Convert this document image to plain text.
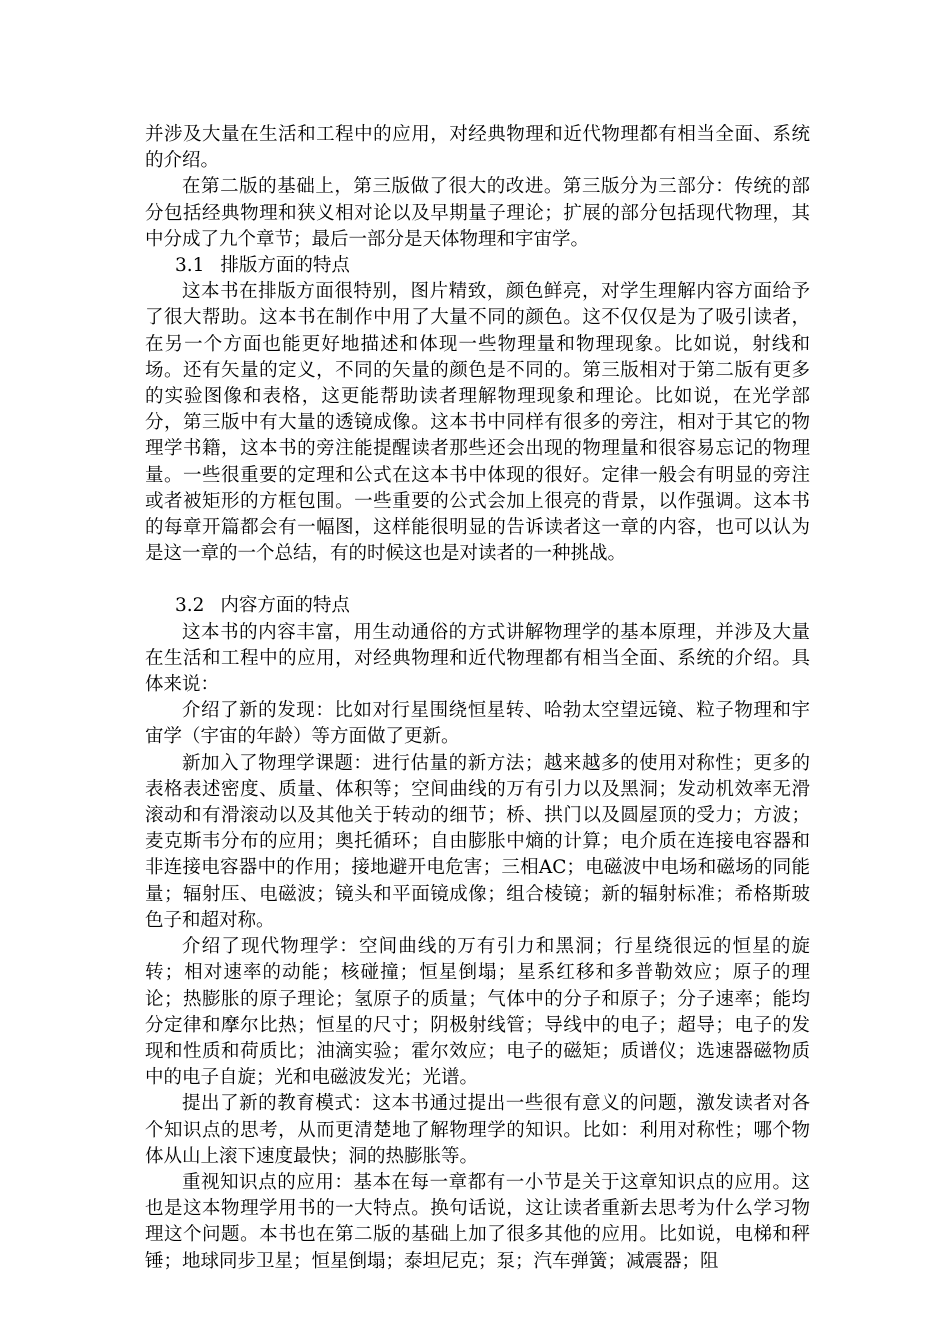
并涉及大量在生活和工程中的应用，对经典物理和近代物理都有相当全面、系统的介绍。

在第二版的基础上，第三版做了很大的改进。第三版分为三部分：传统的部分包括经典物理和狭义相对论以及早期量子理论；扩展的部分包括现代物理，其中分成了九个章节；最后一部分是天体物理和宇宙学。

3.1 排版方面的特点

这本书在排版方面很特别，图片精致，颜色鲜亮，对学生理解内容方面给予了很大帮助。这本书在制作中用了大量不同的颜色。这不仅仅是为了吸引读者，在另一个方面也能更好地描述和体现一些物理量和物理现象。比如说，射线和场。还有矢量的定义，不同的矢量的颜色是不同的。第三版相对于第二版有更多的实验图像和表格，这更能帮助读者理解物理现象和理论。比如说，在光学部分，第三版中有大量的透镜成像。这本书中同样有很多的旁注，相对于其它的物理学书籍，这本书的旁注能提醒读者那些还会出现的物理量和很容易忘记的物理量。一些很重要的定理和公式在这本书中体现的很好。定律一般会有明显的旁注或者被矩形的方框包围。一些重要的公式会加上很亮的背景，以作强调。这本书的每章开篇都会有一幅图，这样能很明显的告诉读者这一章的内容，也可以认为是这一章的一个总结，有的时候这也是对读者的一种挑战。

3.2 内容方面的特点

这本书的内容丰富，用生动通俗的方式讲解物理学的基本原理，并涉及大量在生活和工程中的应用，对经典物理和近代物理都有相当全面、系统的介绍。具体来说：

介绍了新的发现：比如对行星围绕恒星转、哈勃太空望远镜、粒子物理和宇宙学（宇宙的年龄）等方面做了更新。

新加入了物理学课题：进行估量的新方法；越来越多的使用对称性；更多的表格表述密度、质量、体积等；空间曲线的万有引力以及黑洞；发动机效率无滑滚动和有滑滚动以及其他关于转动的细节；桥、拱门以及圆屋顶的受力；方波；麦克斯韦分布的应用；奥托循环；自由膨胀中熵的计算；电介质在连接电容器和非连接电容器中的作用；接地避开电危害；三相AC；电磁波中电场和磁场的同能量；辐射压、电磁波；镜头和平面镜成像；组合棱镜；新的辐射标准；希格斯玻色子和超对称。

介绍了现代物理学：空间曲线的万有引力和黑洞；行星绕很远的恒星的旋转；相对速率的动能；核碰撞；恒星倒塌；星系红移和多普勒效应；原子的理论；热膨胀的原子理论；氢原子的质量；气体中的分子和原子；分子速率；能均分定律和摩尔比热；恒星的尺寸；阴极射线管；导线中的电子；超导；电子的发现和性质和荷质比；油滴实验；霍尔效应；电子的磁矩；质谱仪；选速器磁物质中的电子自旋；光和电磁波发光；光谱。

提出了新的教育模式：这本书通过提出一些很有意义的问题，激发读者对各个知识点的思考，从而更清楚地了解物理学的知识。比如：利用对称性；哪个物体从山上滚下速度最快；洞的热膨胀等。

重视知识点的应用：基本在每一章都有一小节是关于这章知识点的应用。这也是这本物理学用书的一大特点。换句话说，这让读者重新去思考为什么学习物理这个问题。本书也在第二版的基础上加了很多其他的应用。比如说，电梯和秤锤；地球同步卫星；恒星倒塌；泰坦尼克；泵；汽车弹簧；减震器；阻
